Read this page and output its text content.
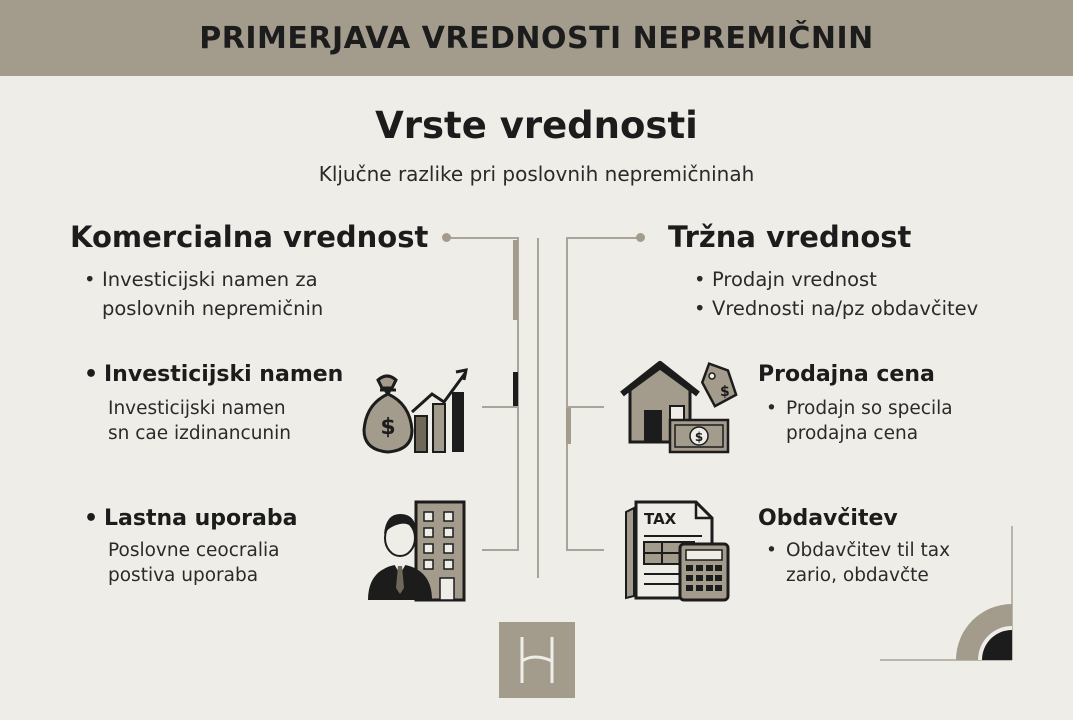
PRIMERJAVA VREDNOSTI NEPREMIČNIN
Vrste vrednosti
Ključne razlike pri poslovnih nepremičninah
Komercialna vrednost
• Investicijski namen za
poslovnih nepremičnin
• Investicijski namen
Investicijski namen
sn cae izdinancunin
• Lastna uporaba
Poslovne ceocralia
postiva uporaba
$
Tržna vrednost
• Prodajn vrednost
• Vrednosti na/pz obdavčitev
$
$
Prodajna cena
• Prodajn so specila
prodajna cena
TAX	Obdavčitev
• Obdavčitev til tax
zario, obdavčte
